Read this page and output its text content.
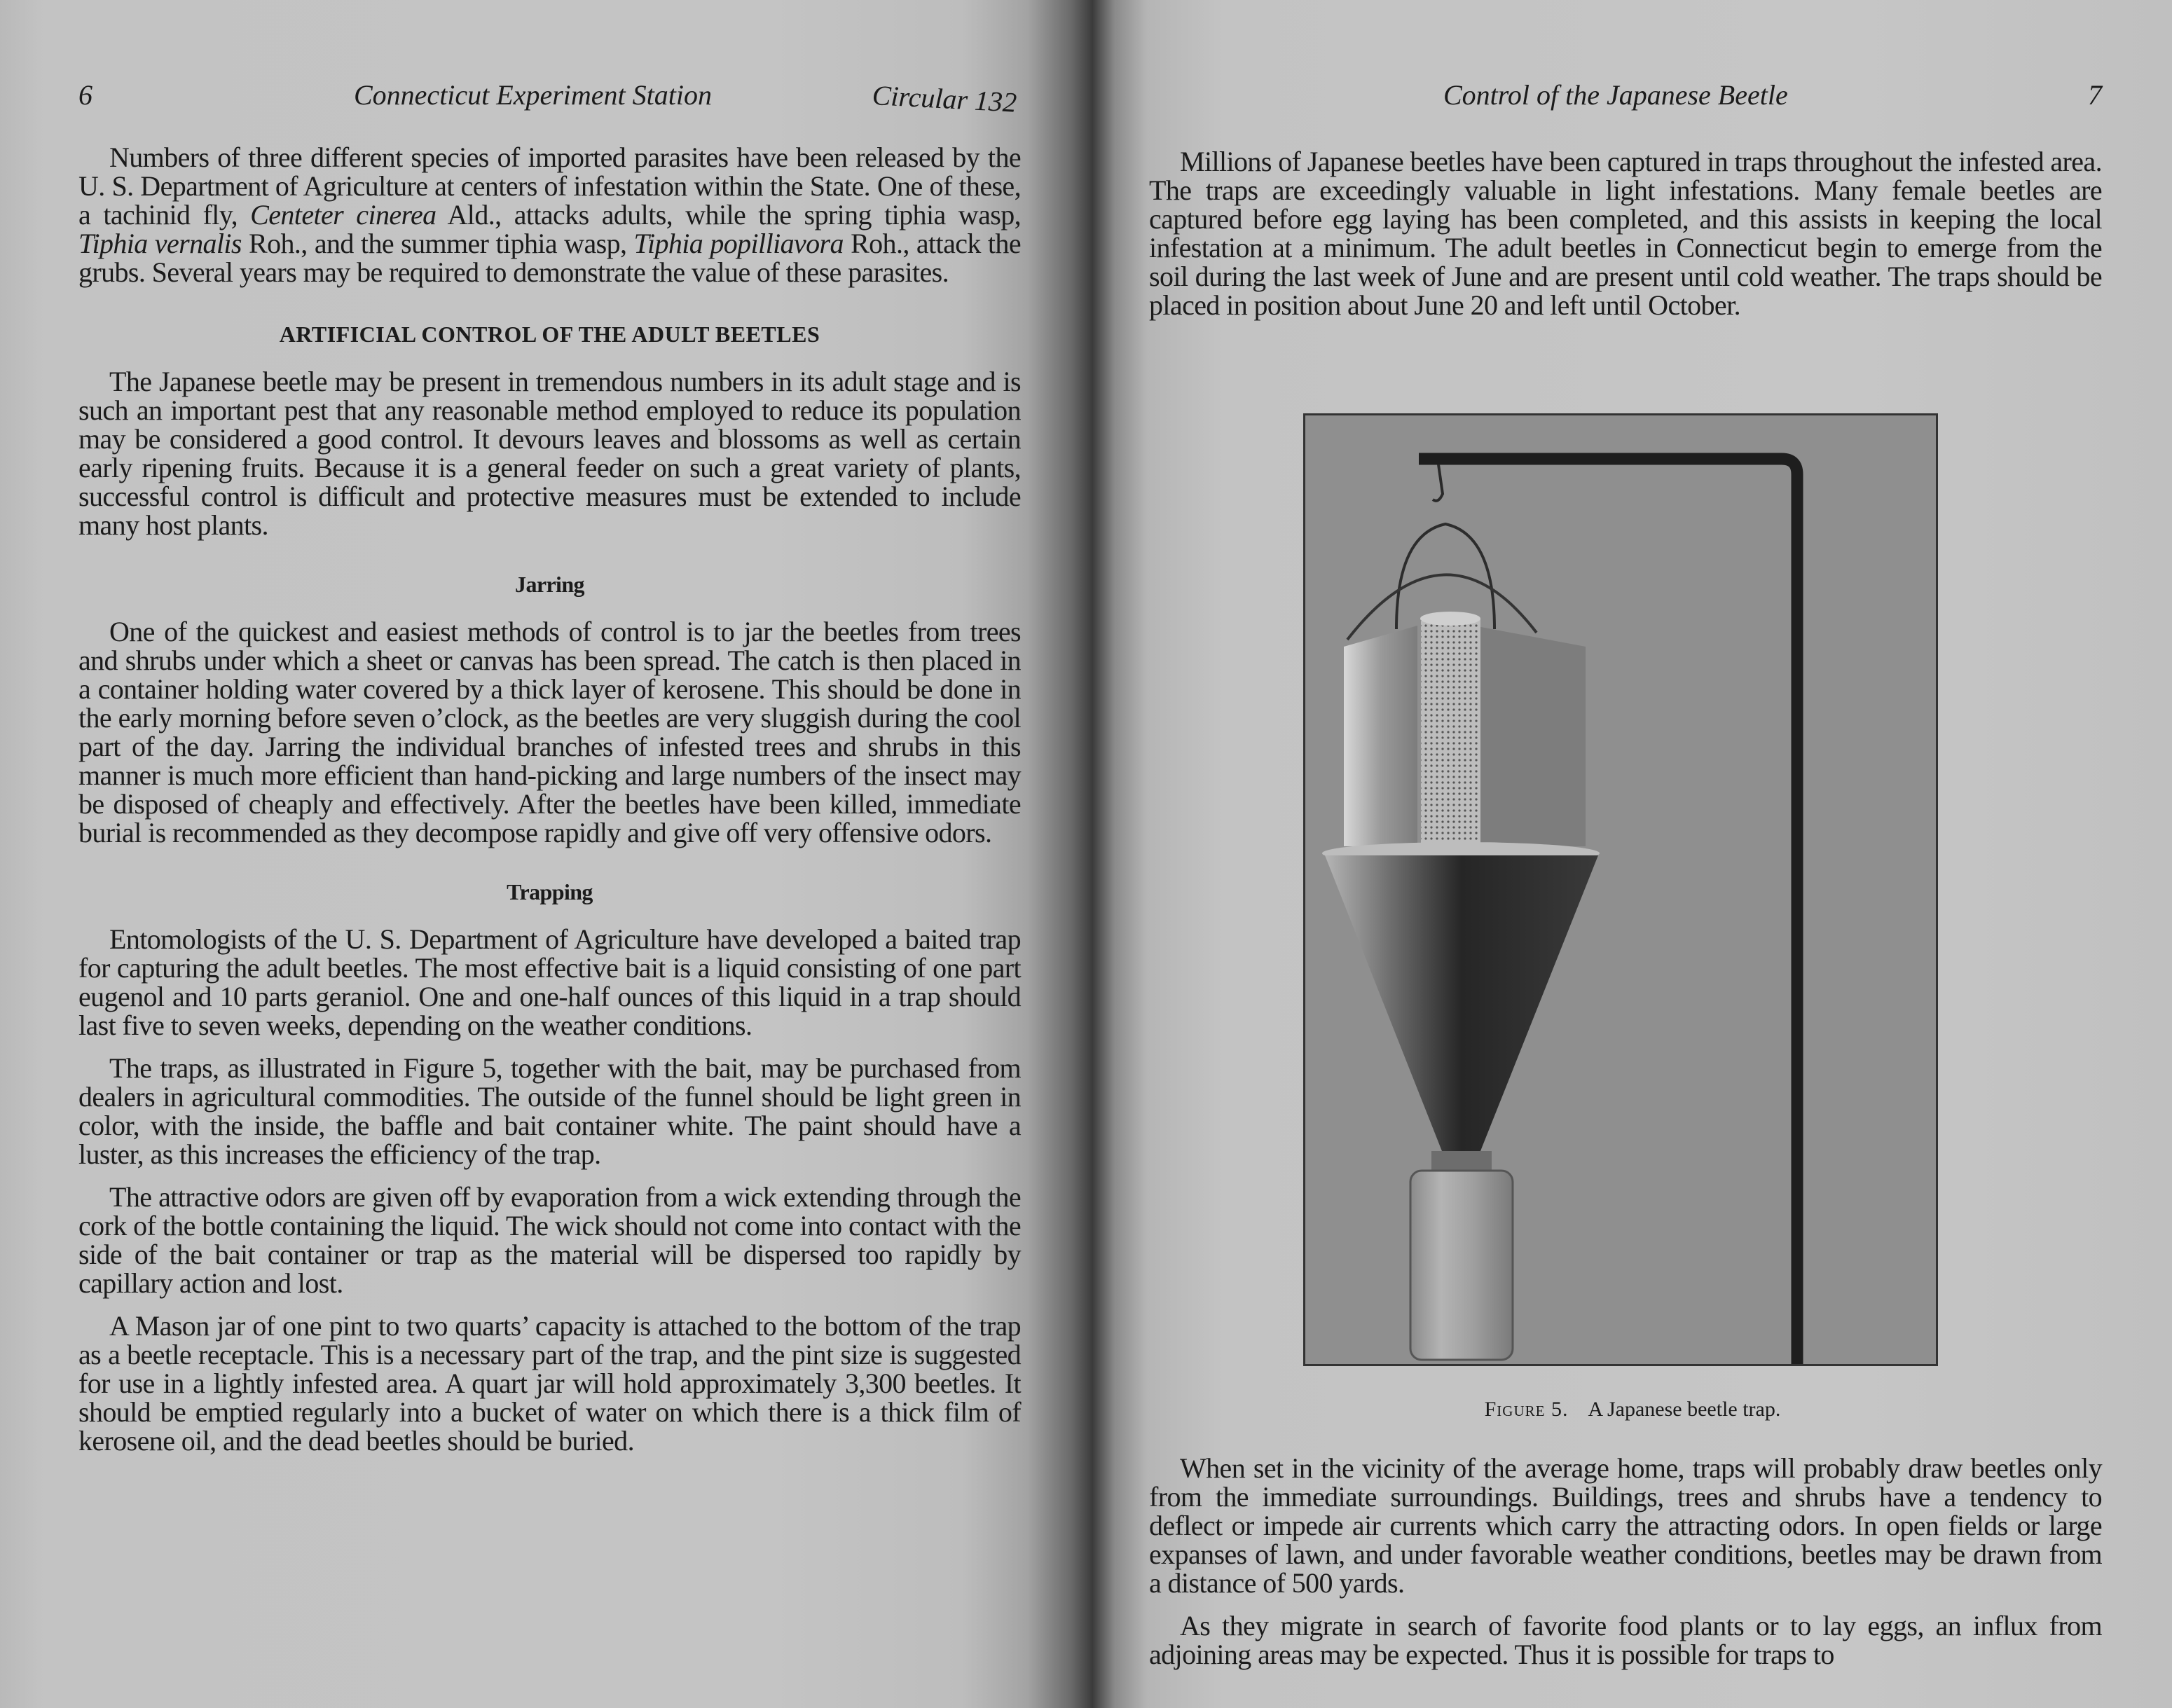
6	Connecticut Experiment Station	Circular 132

Numbers of three different species of imported parasites have been released by the U. S. Department of Agriculture at centers of infestation within the State. One of these, a tachinid fly, Centeter cinerea Ald., attacks adults, while the spring tiphia wasp, Tiphia vernalis Roh., and the summer tiphia wasp, Tiphia popilliavora Roh., attack the grubs. Several years may be required to demonstrate the value of these parasites.

ARTIFICIAL CONTROL OF THE ADULT BEETLES

The Japanese beetle may be present in tremendous numbers in its adult stage and is such an important pest that any reasonable method employed to reduce its population may be considered a good control. It devours leaves and blossoms as well as certain early ripening fruits. Because it is a general feeder on such a great variety of plants, successful control is difficult and protective measures must be extended to include many host plants.

Jarring

One of the quickest and easiest methods of control is to jar the beetles from trees and shrubs under which a sheet or canvas has been spread. The catch is then placed in a container holding water covered by a thick layer of kerosene. This should be done in the early morning before seven o’clock, as the beetles are very sluggish during the cool part of the day. Jarring the individual branches of infested trees and shrubs in this manner is much more efficient than hand-picking and large numbers of the insect may be disposed of cheaply and effectively. After the beetles have been killed, immediate burial is recommended as they decompose rapidly and give off very offensive odors.

Trapping

Entomologists of the U. S. Department of Agriculture have developed a baited trap for capturing the adult beetles. The most effective bait is a liquid consisting of one part eugenol and 10 parts geraniol. One and one-half ounces of this liquid in a trap should last five to seven weeks, depending on the weather conditions.

The traps, as illustrated in Figure 5, together with the bait, may be purchased from dealers in agricultural commodities. The outside of the funnel should be light green in color, with the inside, the baffle and bait container white. The paint should have a luster, as this increases the efficiency of the trap.

The attractive odors are given off by evaporation from a wick extending through the cork of the bottle containing the liquid. The wick should not come into contact with the side of the bait container or trap as the material will be dispersed too rapidly by capillary action and lost.

A Mason jar of one pint to two quarts’ capacity is attached to the bottom of the trap as a beetle receptacle. This is a necessary part of the trap, and the pint size is suggested for use in a lightly infested area. A quart jar will hold approximately 3,300 beetles. It should be emptied regularly into a bucket of water on which there is a thick film of kerosene oil, and the dead beetles should be buried.

Control of the Japanese Beetle	7

Millions of Japanese beetles have been captured in traps throughout the infested area. The traps are exceedingly valuable in light infestations. Many female beetles are captured before egg laying has been completed, and this assists in keeping the local infestation at a minimum. The adult beetles in Connecticut begin to emerge from the soil during the last week of June and are present until cold weather. The traps should be placed in position about June 20 and left until October.

When set in the vicinity of the average home, traps will probably draw beetles only from the immediate surroundings. Buildings, trees and shrubs have a tendency to deflect or impede air currents which carry the attracting odors. In open fields or large expanses of lawn, and under favorable weather conditions, beetles may be drawn from a distance of 500 yards.

As they migrate in search of favorite food plants or to lay eggs, an influx from adjoining areas may be expected. Thus it is possible for traps to

Figure 5. A Japanese beetle trap.
